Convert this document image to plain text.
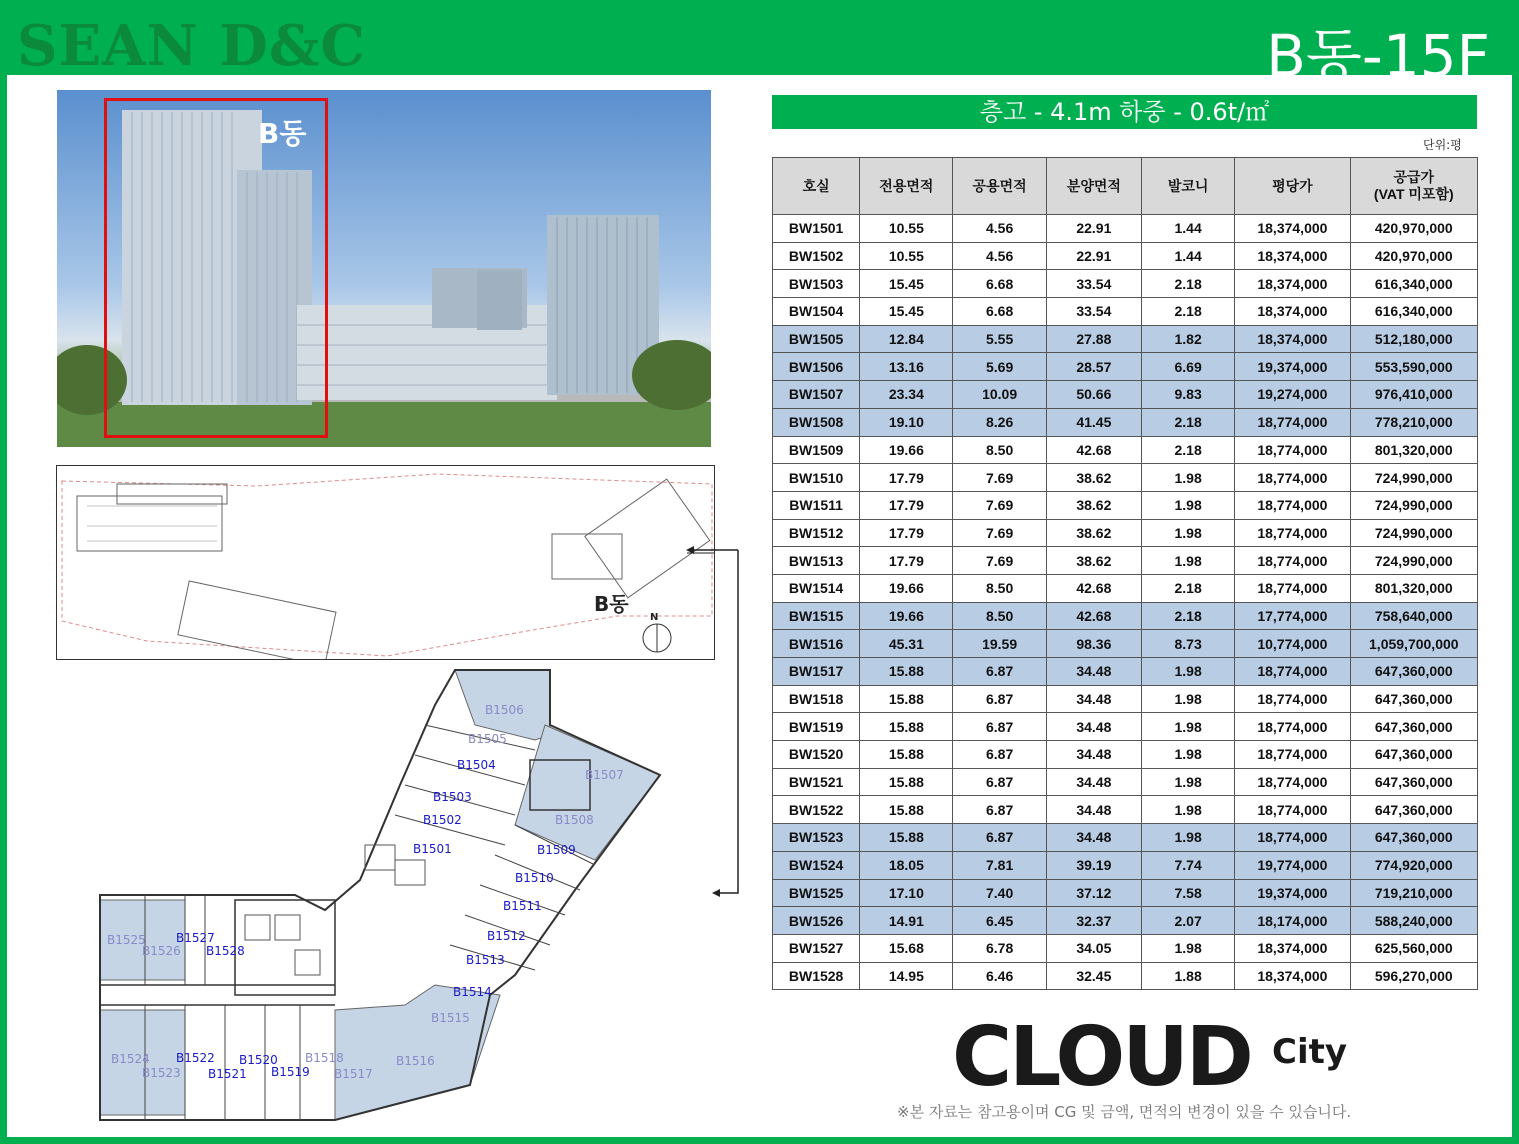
SEAN D&C	B동-15F
B동
B동
N
B1506
B1505
B1504
B1503
B1502
B1501
B1507
B1508
B1509
B1510
B1511
B1512
B1513
B1514
B1515
B1516
B1517
B1518
B1519
B1520
B1521
B1522
B1523
B1524
B1525
B1526
B1527
B1528
층고 - 4.1m 하중 - 0.6t/㎡
단위:평
호실	전용면적	공용면적	분양면적	발코니	평당가	공급가
(VAT 미포함)
BW1501	10.55	4.56	22.91	1.44	18,374,000	420,970,000
BW1502	10.55	4.56	22.91	1.44	18,374,000	420,970,000
BW1503	15.45	6.68	33.54	2.18	18,374,000	616,340,000
BW1504	15.45	6.68	33.54	2.18	18,374,000	616,340,000
BW1505	12.84	5.55	27.88	1.82	18,374,000	512,180,000
BW1506	13.16	5.69	28.57	6.69	19,374,000	553,590,000
BW1507	23.34	10.09	50.66	9.83	19,274,000	976,410,000
BW1508	19.10	8.26	41.45	2.18	18,774,000	778,210,000
BW1509	19.66	8.50	42.68	2.18	18,774,000	801,320,000
BW1510	17.79	7.69	38.62	1.98	18,774,000	724,990,000
BW1511	17.79	7.69	38.62	1.98	18,774,000	724,990,000
BW1512	17.79	7.69	38.62	1.98	18,774,000	724,990,000
BW1513	17.79	7.69	38.62	1.98	18,774,000	724,990,000
BW1514	19.66	8.50	42.68	2.18	18,774,000	801,320,000
BW1515	19.66	8.50	42.68	2.18	17,774,000	758,640,000
BW1516	45.31	19.59	98.36	8.73	10,774,000	1,059,700,000
BW1517	15.88	6.87	34.48	1.98	18,774,000	647,360,000
BW1518	15.88	6.87	34.48	1.98	18,774,000	647,360,000
BW1519	15.88	6.87	34.48	1.98	18,774,000	647,360,000
BW1520	15.88	6.87	34.48	1.98	18,774,000	647,360,000
BW1521	15.88	6.87	34.48	1.98	18,774,000	647,360,000
BW1522	15.88	6.87	34.48	1.98	18,774,000	647,360,000
BW1523	15.88	6.87	34.48	1.98	18,774,000	647,360,000
BW1524	18.05	7.81	39.19	7.74	19,774,000	774,920,000
BW1525	17.10	7.40	37.12	7.58	19,374,000	719,210,000
BW1526	14.91	6.45	32.37	2.07	18,174,000	588,240,000
BW1527	15.68	6.78	34.05	1.98	18,374,000	625,560,000
BW1528	14.95	6.46	32.45	1.88	18,374,000	596,270,000
CLOUD City
※본 자료는 참고용이며 CG 및 금액, 면적의 변경이 있을 수 있습니다.
